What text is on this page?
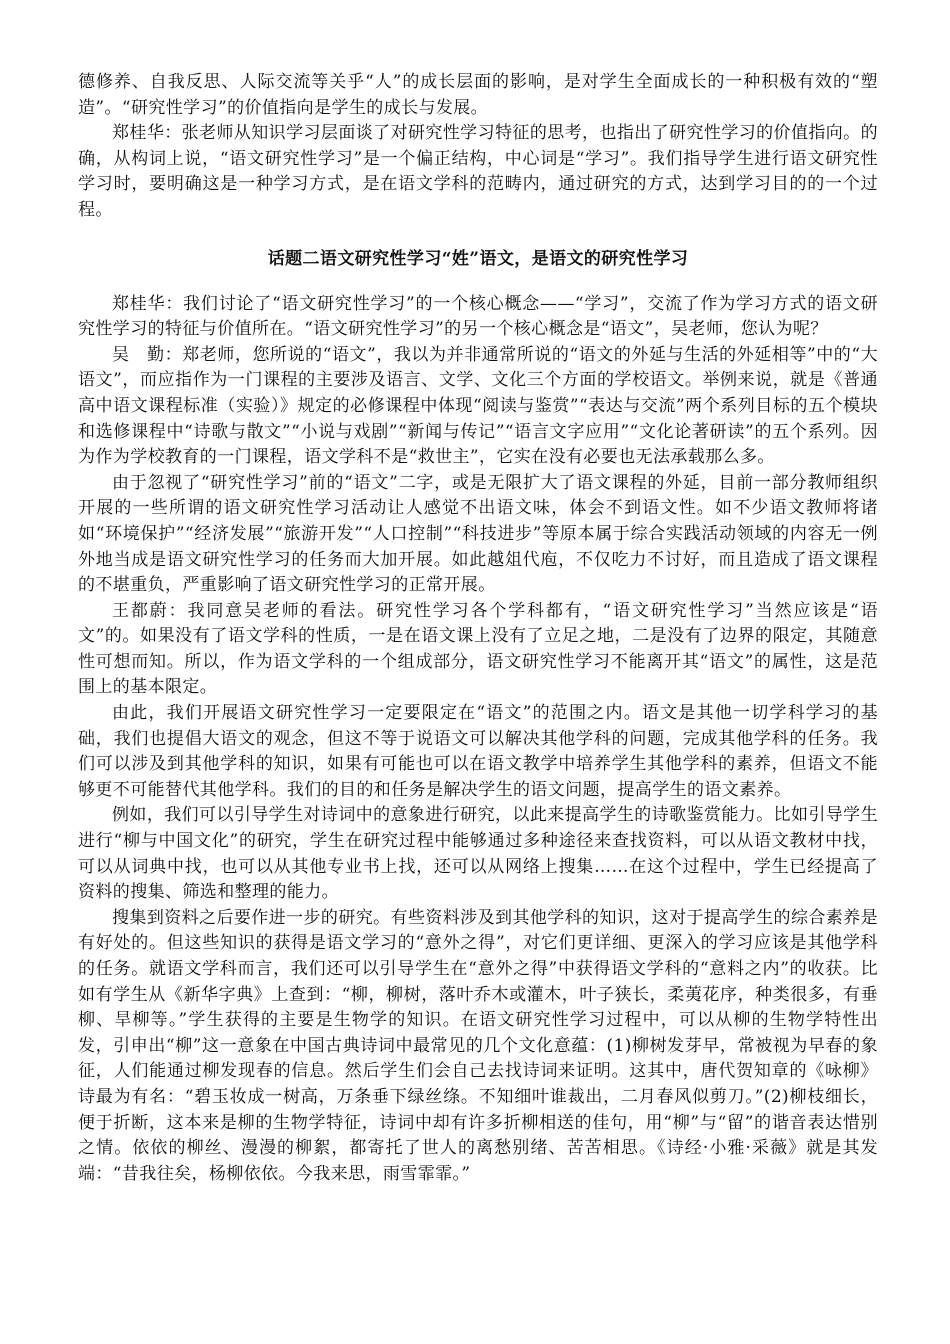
德修养、自我反思、人际交流等关乎“人”的成长层面的影响，是对学生全面成长的一种积极有效的“塑造”。“研究性学习”的价值指向是学生的成长与发展。

郑桂华：张老师从知识学习层面谈了对研究性学习特征的思考，也指出了研究性学习的价值指向。的确，从构词上说，“语文研究性学习”是一个偏正结构，中心词是“学习”。我们指导学生进行语文研究性学习时，要明确这是一种学习方式，是在语文学科的范畴内，通过研究的方式，达到学习目的的一个过程。

话题二语文研究性学习“姓”语文，是语文的研究性学习

郑桂华：我们讨论了“语文研究性学习”的一个核心概念——“学习”，交流了作为学习方式的语文研究性学习的特征与价值所在。“语文研究性学习”的另一个核心概念是“语文”，吴老师，您认为呢？

吴　勤：郑老师，您所说的“语文”，我以为并非通常所说的“语文的外延与生活的外延相等”中的“大语文”，而应指作为一门课程的主要涉及语言、文学、文化三个方面的学校语文。举例来说，就是《普通高中语文课程标准（实验）》规定的必修课程中体现“阅读与鉴赏”“表达与交流”两个系列目标的五个模块和选修课程中“诗歌与散文”“小说与戏剧”“新闻与传记”“语言文字应用”“文化论著研读”的五个系列。因为作为学校教育的一门课程，语文学科不是“救世主”，它实在没有必要也无法承载那么多。

由于忽视了“研究性学习”前的“语文”二字，或是无限扩大了语文课程的外延，目前一部分教师组织开展的一些所谓的语文研究性学习活动让人感觉不出语文味，体会不到语文性。如不少语文教师将诸如“环境保护”“经济发展”“旅游开发”“人口控制”“科技进步”等原本属于综合实践活动领域的内容无一例外地当成是语文研究性学习的任务而大加开展。如此越俎代庖，不仅吃力不讨好，而且造成了语文课程的不堪重负，严重影响了语文研究性学习的正常开展。

王都蔚：我同意吴老师的看法。研究性学习各个学科都有，“语文研究性学习”当然应该是“语文”的。如果没有了语文学科的性质，一是在语文课上没有了立足之地，二是没有了边界的限定，其随意性可想而知。所以，作为语文学科的一个组成部分，语文研究性学习不能离开其“语文”的属性，这是范围上的基本限定。

由此，我们开展语文研究性学习一定要限定在“语文”的范围之内。语文是其他一切学科学习的基础，我们也提倡大语文的观念，但这不等于说语文可以解决其他学科的问题，完成其他学科的任务。我们可以涉及到其他学科的知识，如果有可能也可以在语文教学中培养学生其他学科的素养，但语文不能够更不可能替代其他学科。我们的目的和任务是解决学生的语文问题，提高学生的语文素养。

例如，我们可以引导学生对诗词中的意象进行研究，以此来提高学生的诗歌鉴赏能力。比如引导学生进行“柳与中国文化”的研究，学生在研究过程中能够通过多种途径来查找资料，可以从语文教材中找，可以从词典中找，也可以从其他专业书上找，还可以从网络上搜集……在这个过程中，学生已经提高了资料的搜集、筛选和整理的能力。

搜集到资料之后要作进一步的研究。有些资料涉及到其他学科的知识，这对于提高学生的综合素养是有好处的。但这些知识的获得是语文学习的“意外之得”，对它们更详细、更深入的学习应该是其他学科的任务。就语文学科而言，我们还可以引导学生在“意外之得”中获得语文学科的“意料之内”的收获。比如有学生从《新华字典》上查到：“柳，柳树，落叶乔木或灌木，叶子狭长，柔荑花序，种类很多，有垂柳、旱柳等。”学生获得的主要是生物学的知识。在语文研究性学习过程中，可以从柳的生物学特性出发，引申出“柳”这一意象在中国古典诗词中最常见的几个文化意蕴：(1)柳树发芽早，常被视为早春的象征，人们能通过柳发现春的信息。然后学生们会自己去找诗词来证明。这其中，唐代贺知章的《咏柳》诗最为有名：“碧玉妆成一树高，万条垂下绿丝绦。不知细叶谁裁出，二月春风似剪刀。”(2)柳枝细长，便于折断，这本来是柳的生物学特征，诗词中却有许多折柳相送的佳句，用“柳”与“留”的谐音表达惜别之情。依依的柳丝、漫漫的柳絮，都寄托了世人的离愁别绪、苦苦相思。《诗经·小雅·采薇》就是其发端：“昔我往矣，杨柳依依。今我来思，雨雪霏霏。”
